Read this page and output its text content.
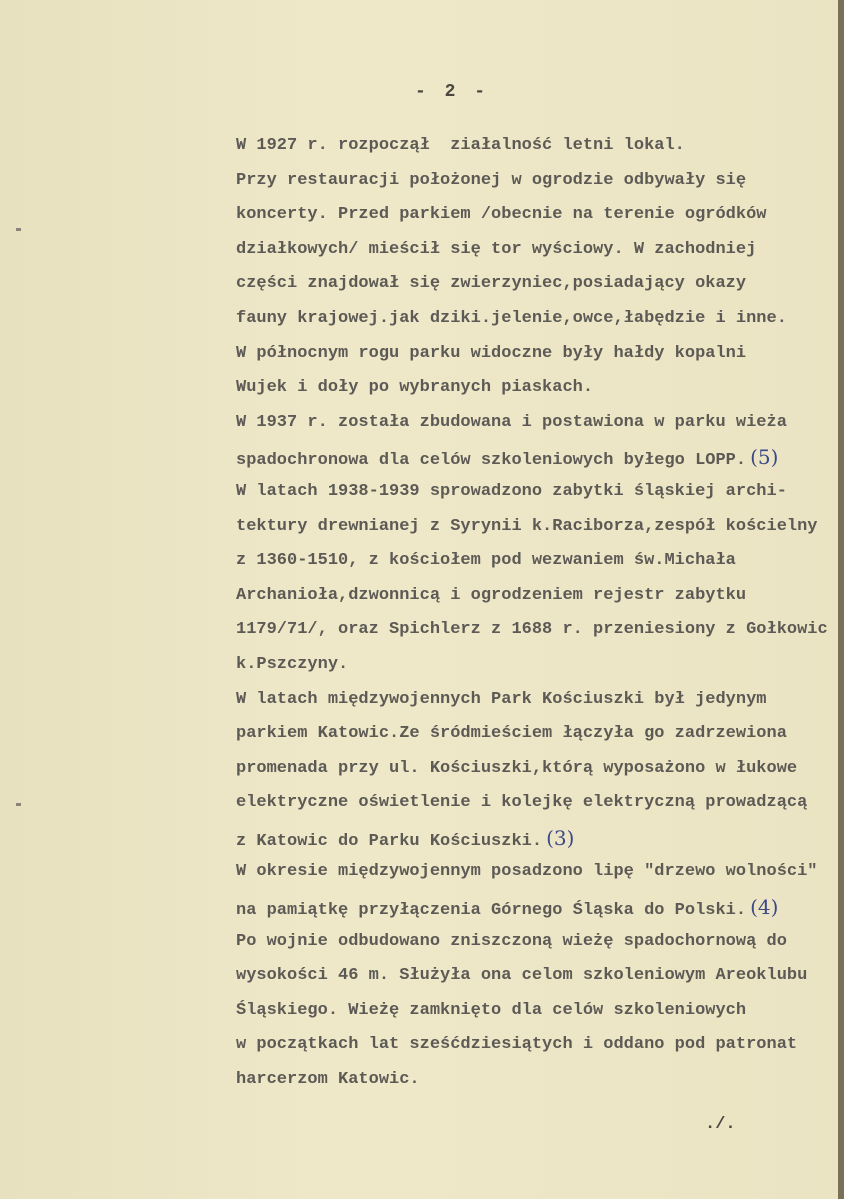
- 2 -
W 1927 r. rozpoczął  ziałalność letni lokal.
Przy restauracji położonej w ogrodzie odbywały się
koncerty. Przed parkiem /obecnie na terenie ogródków
działkowych/ mieścił się tor wyściowy. W zachodniej
części znajdował się zwierzyniec,posiadający okazy
fauny krajowej.jak dziki.jelenie,owce,łabędzie i inne.
W północnym rogu parku widoczne były hałdy kopalni
Wujek i doły po wybranych piaskach.
W 1937 r. została zbudowana i postawiona w parku wieża
spadochronowa dla celów szkoleniowych byłego LOPP. (5)
W latach 1938-1939 sprowadzono zabytki śląskiej archi-
tektury drewnianej z Syrynii k.Raciborza,zespół kościelny
z 1360-1510, z kościołem pod wezwaniem św.Michała
Archanioła,dzwonnicą i ogrodzeniem rejestr zabytku
1179/71/, oraz Spichlerz z 1688 r. przeniesiony z Gołkowic
k.Pszczyny.
W latach międzywojennych Park Kościuszki był jedynym
parkiem Katowic.Ze śródmieściem łączyła go zadrzewiona
promenada przy ul. Kościuszki,którą wyposażono w łukowe
elektryczne oświetlenie i kolejkę elektryczną prowadzącą
z Katowic do Parku Kościuszki. (3)
W okresie międzywojennym posadzono lipę "drzewo wolności"
na pamiątkę przyłączenia Górnego Śląska do Polski. (4)
Po wojnie odbudowano zniszczoną wieżę spadochornową do
wysokości 46 m. Służyła ona celom szkoleniowym Areoklubu
Śląskiego. Wieżę zamknięto dla celów szkoleniowych
w początkach lat sześćdziesiątych i oddano pod patronat
harcerzom Katowic.
./.
